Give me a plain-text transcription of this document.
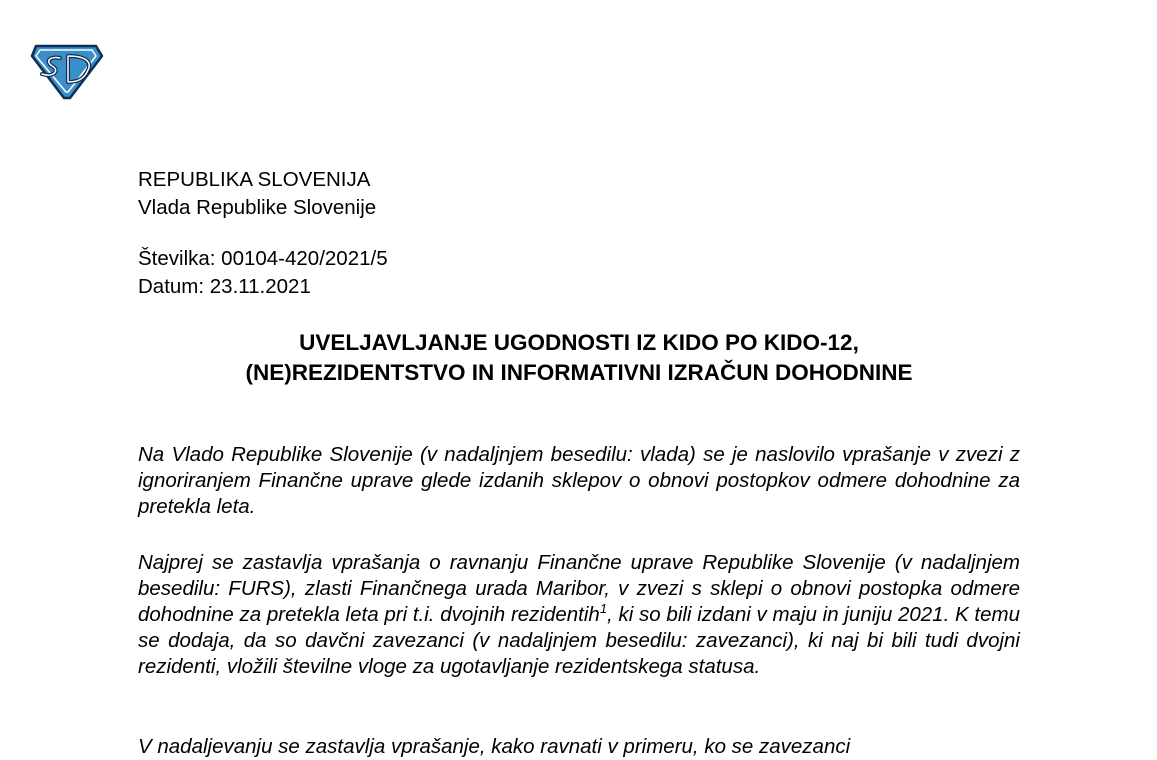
REPUBLIKA SLOVENIJA
Vlada Republike Slovenije
Številka: 00104-420/2021/5
Datum: 23.11.2021
UVELJAVLJANJE UGODNOSTI IZ KIDO PO KIDO-12,
(NE)REZIDENTSTVO IN INFORMATIVNI IZRAČUN DOHODNINE

Na Vlado Republike Slovenije (v nadaljnjem besedilu: vlada) se je naslovilo vprašanje v zvezi z ignoriranjem Finančne uprave glede izdanih sklepov o obnovi postopkov odmere dohodnine za pretekla leta.

Najprej se zastavlja vprašanja o ravnanju Finančne uprave Republike Slovenije (v nadaljnjem besedilu: FURS), zlasti Finančnega urada Maribor, v zvezi s sklepi o obnovi postopka odmere dohodnine za pretekla leta pri t.i. dvojnih rezidentih$^1$, ki so bili izdani v maju in juniju 2021. K temu se dodaja, da so davčni zavezanci (v nadaljnjem besedilu: zavezanci), ki naj bi bili tudi dvojni rezidenti, vložili številne vloge za ugotavljanje rezidentskega statusa.

V nadaljevanju se zastavlja vprašanje, kako ravnati v primeru, ko se zavezanci
